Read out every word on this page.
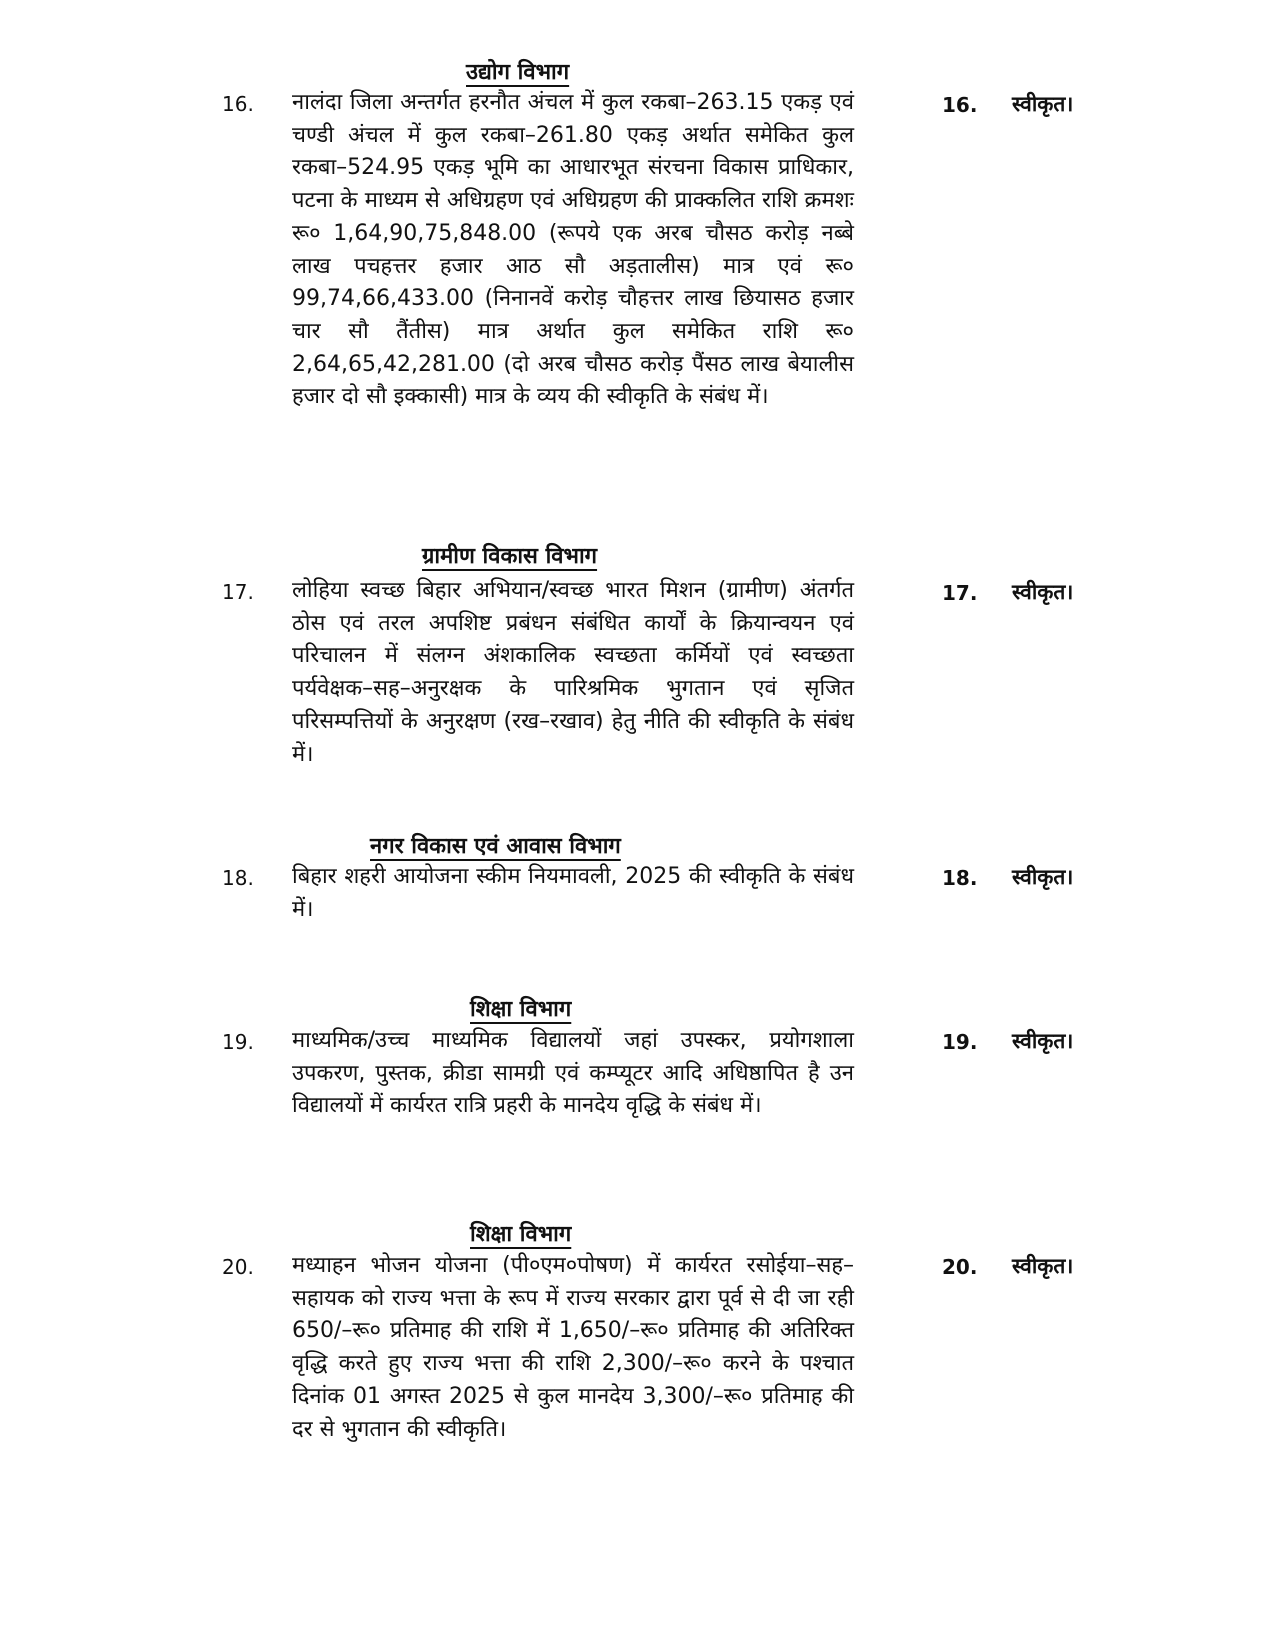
उद्योग विभाग
16. नालंदा जिला अन्तर्गत हरनौत अंचल में कुल रकबा–263.15 एकड़ एवं चण्डी अंचल में कुल रकबा–261.80 एकड़ अर्थात समेकित कुल रकबा–524.95 एकड़ भूमि का आधारभूत संरचना विकास प्राधिकार, पटना के माध्यम से अधिग्रहण एवं अधिग्रहण की प्राक्कलित राशि क्रमशः रू० 1,64,90,75,848.00 (रूपये एक अरब चौसठ करोड़ नब्बे लाख पचहत्तर हजार आठ सौ अड़तालीस) मात्र एवं रू० 99,74,66,433.00 (निनानवें करोड़ चौहत्तर लाख छियासठ हजार चार सौ तैंतीस) मात्र अर्थात कुल समेकित राशि रू० 2,64,65,42,281.00 (दो अरब चौसठ करोड़ पैंसठ लाख बेयालीस हजार दो सौ इक्कासी) मात्र के व्यय की स्वीकृति के संबंध में।
16. स्वीकृत।
ग्रामीण विकास विभाग
17. लोहिया स्वच्छ बिहार अभियान/स्वच्छ भारत मिशन (ग्रामीण) अंतर्गत ठोस एवं तरल अपशिष्ट प्रबंधन संबंधित कार्यों के क्रियान्वयन एवं परिचालन में संलग्न अंशकालिक स्वच्छता कर्मियों एवं स्वच्छता पर्यवेक्षक–सह–अनुरक्षक के पारिश्रमिक भुगतान एवं सृजित परिसम्पत्तियों के अनुरक्षण (रख–रखाव) हेतु नीति की स्वीकृति के संबंध में।
17. स्वीकृत।
नगर विकास एवं आवास विभाग
18. बिहार शहरी आयोजना स्कीम नियमावली, 2025 की स्वीकृति के संबंध में।
18. स्वीकृत।
शिक्षा विभाग
19. माध्यमिक/उच्च माध्यमिक विद्यालयों जहां उपस्कर, प्रयोगशाला उपकरण, पुस्तक, क्रीडा सामग्री एवं कम्प्यूटर आदि अधिष्ठापित है उन विद्यालयों में कार्यरत रात्रि प्रहरी के मानदेय वृद्धि के संबंध में।
19. स्वीकृत।
शिक्षा विभाग
20. मध्याहन भोजन योजना (पी०एम०पोषण) में कार्यरत रसोईया–सह–सहायक को राज्य भत्ता के रूप में राज्य सरकार द्वारा पूर्व से दी जा रही 650/–रू० प्रतिमाह की राशि में 1,650/–रू० प्रतिमाह की अतिरिक्त वृद्धि करते हुए राज्य भत्ता की राशि 2,300/–रू० करने के पश्चात दिनांक 01 अगस्त 2025 से कुल मानदेय 3,300/–रू० प्रतिमाह की दर से भुगतान की स्वीकृति।
20. स्वीकृत।
